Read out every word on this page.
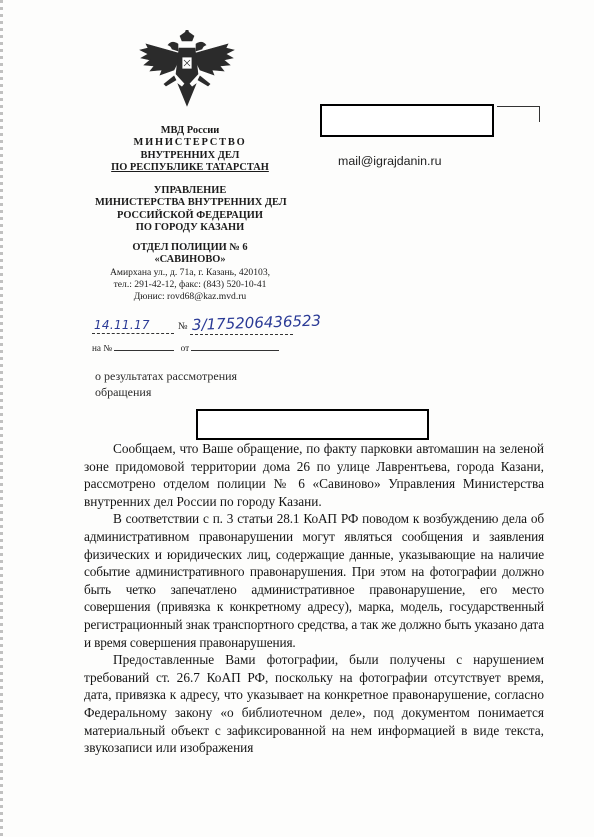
МВД России
МИНИСТЕРСТВО
ВНУТРЕННИХ ДЕЛ
ПО РЕСПУБЛИКЕ ТАТАРСТАН
УПРАВЛЕНИЕ
МИНИСТЕРСТВА ВНУТРЕННИХ ДЕЛ
РОССИЙСКОЙ ФЕДЕРАЦИИ
ПО ГОРОДУ КАЗАНИ
ОТДЕЛ ПОЛИЦИИ № 6
«САВИНОВО»
Амирхана ул., д. 71а, г. Казань, 420103,
тел.: 291-42-12, факс: (843) 520-10-41
Дюнис: rovd68@kaz.mvd.ru
mail@igrajdanin.ru
14.11.17	№ 3/175206436523
на №	от
о результатах рассмотрения
обращения

Сообщаем, что Ваше обращение, по факту парковки автомашин на зеленой зоне придомовой территории дома 26 по улице Лаврентьева, города Казани, рассмотрено отделом полиции № 6 «Савиново» Управления Министерства внутренних дел России по городу Казани.

В соответствии с п. 3 статьи 28.1 КоАП РФ поводом к возбуждению дела об административном правонарушении могут являться сообщения и заявления физических и юридических лиц, содержащие данные, указывающие на наличие событие административного правонарушения. При этом на фотографии должно быть четко запечатлено административное правонарушение, его место совершения (привязка к конкретному адресу), марка, модель, государственный регистрационный знак транспортного средства, а так же должно быть указано дата и время совершения правонарушения.

Предоставленные Вами фотографии, были получены с нарушением требований ст. 26.7 КоАП РФ, поскольку на фотографии отсутствует время, дата, привязка к адресу, что указывает на конкретное правонарушение, согласно Федеральному закону «о библиотечном деле», под документом понимается материальный объект с зафиксированной на нем информацией в виде текста, звукозаписи или изображения
